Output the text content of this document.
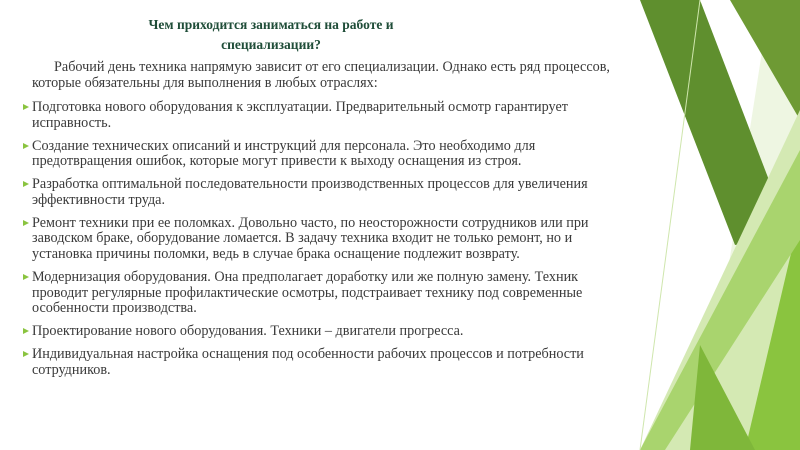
Чем приходится заниматься на работе и специализации?
Рабочий день техника напрямую зависит от его специализации. Однако есть ряд процессов, которые обязательны для выполнения в любых отраслях:
Подготовка нового оборудования к эксплуатации. Предварительный осмотр гарантирует исправность.
Создание технических описаний и инструкций для персонала. Это необходимо для предотвращения ошибок, которые могут привести к выходу оснащения из строя.
Разработка оптимальной последовательности производственных процессов для увеличения эффективности труда.
Ремонт техники при ее поломках. Довольно часто, по неосторожности сотрудников или при заводском браке, оборудование ломается. В задачу техника входит не только ремонт, но и установка причины поломки, ведь в случае брака оснащение подлежит возврату.
Модернизация оборудования. Она предполагает доработку или же полную замену. Техник проводит регулярные профилактические осмотры, подстраивает технику под современные особенности производства.
Проектирование нового оборудования. Техники – двигатели прогресса.
Индивидуальная настройка оснащения под особенности рабочих процессов и потребности сотрудников.
